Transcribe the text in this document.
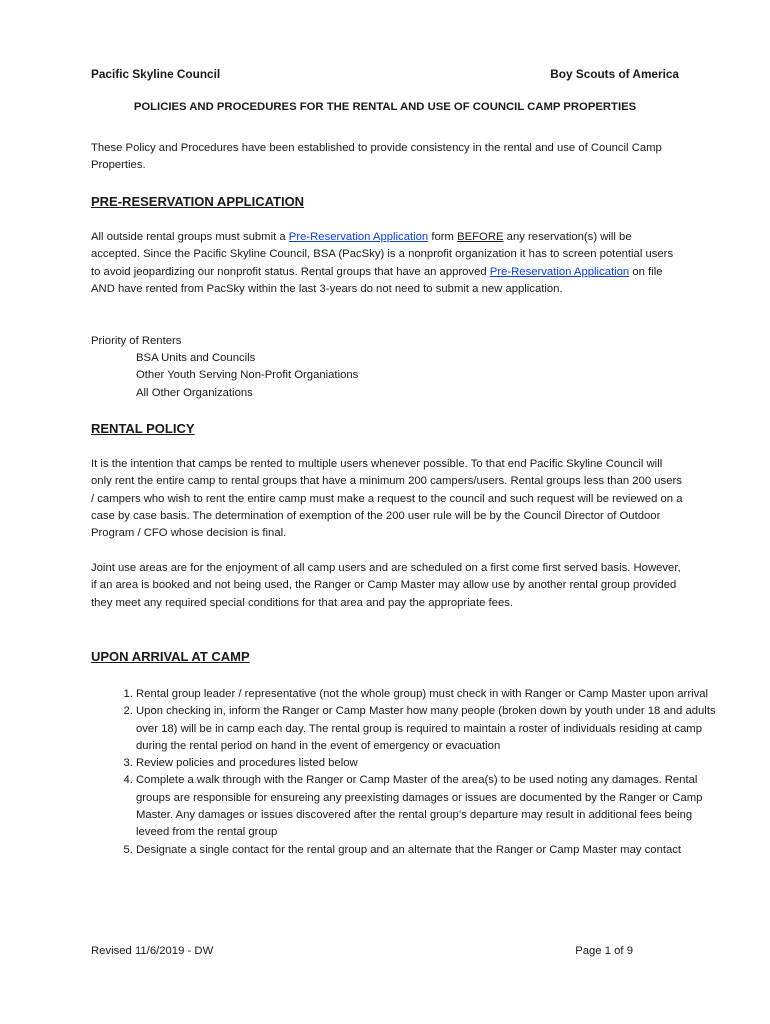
Pacific Skyline Council	Boy Scouts of America
POLICIES AND PROCEDURES FOR THE RENTAL AND USE OF COUNCIL CAMP PROPERTIES
These Policy and Procedures have been established to provide consistency in the rental and use of Council Camp Properties.
PRE-RESERVATION APPLICATION
All outside rental groups must submit a Pre-Reservation Application form BEFORE any reservation(s) will be accepted. Since the Pacific Skyline Council, BSA (PacSky) is a nonprofit organization it has to screen potential users to avoid jeopardizing our nonprofit status. Rental groups that have an approved Pre-Reservation Application on file AND have rented from PacSky within the last 3-years do not need to submit a new application.
Priority of Renters
BSA Units and Councils
Other Youth Serving Non-Profit Organiations
All Other Organizations
RENTAL POLICY
It is the intention that camps be rented to multiple users whenever possible. To that end Pacific Skyline Council will only rent the entire camp to rental groups that have a minimum 200 campers/users. Rental groups less than 200 users / campers who wish to rent the entire camp must make a request to the council and such request will be reviewed on a case by case basis. The determination of exemption of the 200 user rule will be by the Council Director of Outdoor Program / CFO whose decision is final.
Joint use areas are for the enjoyment of all camp users and are scheduled on a first come first served basis. However, if an area is booked and not being used, the Ranger or Camp Master may allow use by another rental group provided they meet any required special conditions for that area and pay the appropriate fees.
UPON ARRIVAL AT CAMP
1. Rental group leader / representative (not the whole group) must check in with Ranger or Camp Master upon arrival
2. Upon checking in, inform the Ranger or Camp Master how many people (broken down by youth under 18 and adults over 18) will be in camp each day. The rental group is required to maintain a roster of individuals residing at camp during the rental period on hand in the event of emergency or evacuation
3. Review policies and procedures listed below
4. Complete a walk through with the Ranger or Camp Master of the area(s) to be used noting any damages. Rental groups are responsible for ensureing any preexisting damages or issues are documented by the Ranger or Camp Master. Any damages or issues discovered after the rental group’s departure may result in additional fees being leveed from the rental group
5. Designate a single contact for the rental group and an alternate that the Ranger or Camp Master may contact
Revised 11/6/2019 - DW	Page 1 of 9
